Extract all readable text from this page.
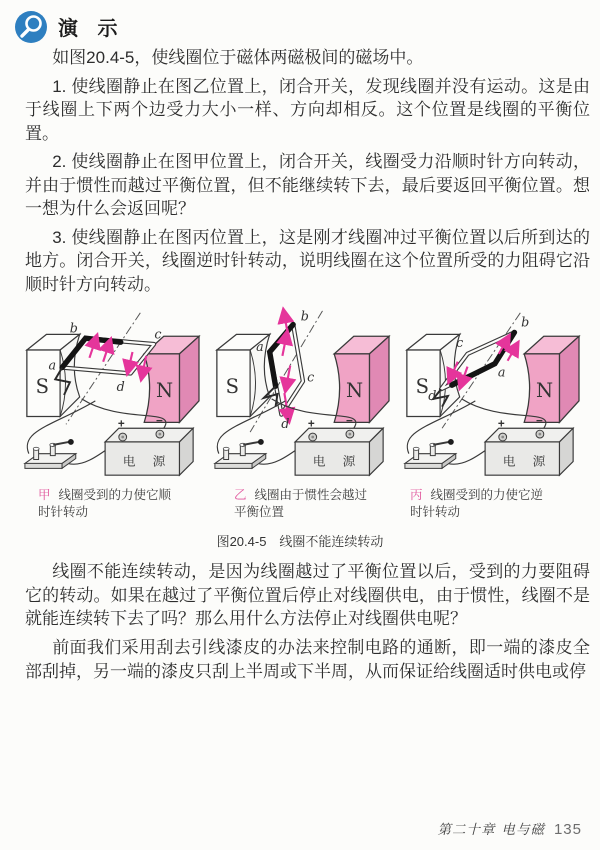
演 示

如图20.4-5，使线圈位于磁体两磁极间的磁场中。

1. 使线圈静止在图乙位置上，闭合开关，发现线圈并没有运动。这是由于线圈上下两个边受力大小一样、方向却相反。这个位置是线圈的平衡位置。

2. 使线圈静止在图甲位置上，闭合开关，线圈受力沿顺时针方向转动，并由于惯性而越过平衡位置，但不能继续转下去，最后要返回平衡位置。想一想为什么会返回呢？

3. 使线圈静止在图丙位置上，这是刚才线圈冲过平衡位置以后所到达的地方。闭合开关，线圈逆时针转动，说明线圈在这个位置所受的力阻碍它沿顺时针方向转动。

b	c
a
d
a
b
c
d
b
c
a
d
甲 线圈受到的力使它顺时针转动
乙 线圈由于惯性会越过平衡位置
丙 线圈受到的力使它逆时针转动
图20.4-5　线圈不能连续转动

线圈不能连续转动，是因为线圈越过了平衡位置以后，受到的力要阻碍它的转动。如果在越过了平衡位置后停止对线圈供电，由于惯性，线圈不是就能连续转下去了吗？那么用什么方法停止对线圈供电呢？

前面我们采用刮去引线漆皮的办法来控制电路的通断，即一端的漆皮全部刮掉，另一端的漆皮只刮上半周或下半周，从而保证给线圈适时供电或停

第二十章 电与磁 135
